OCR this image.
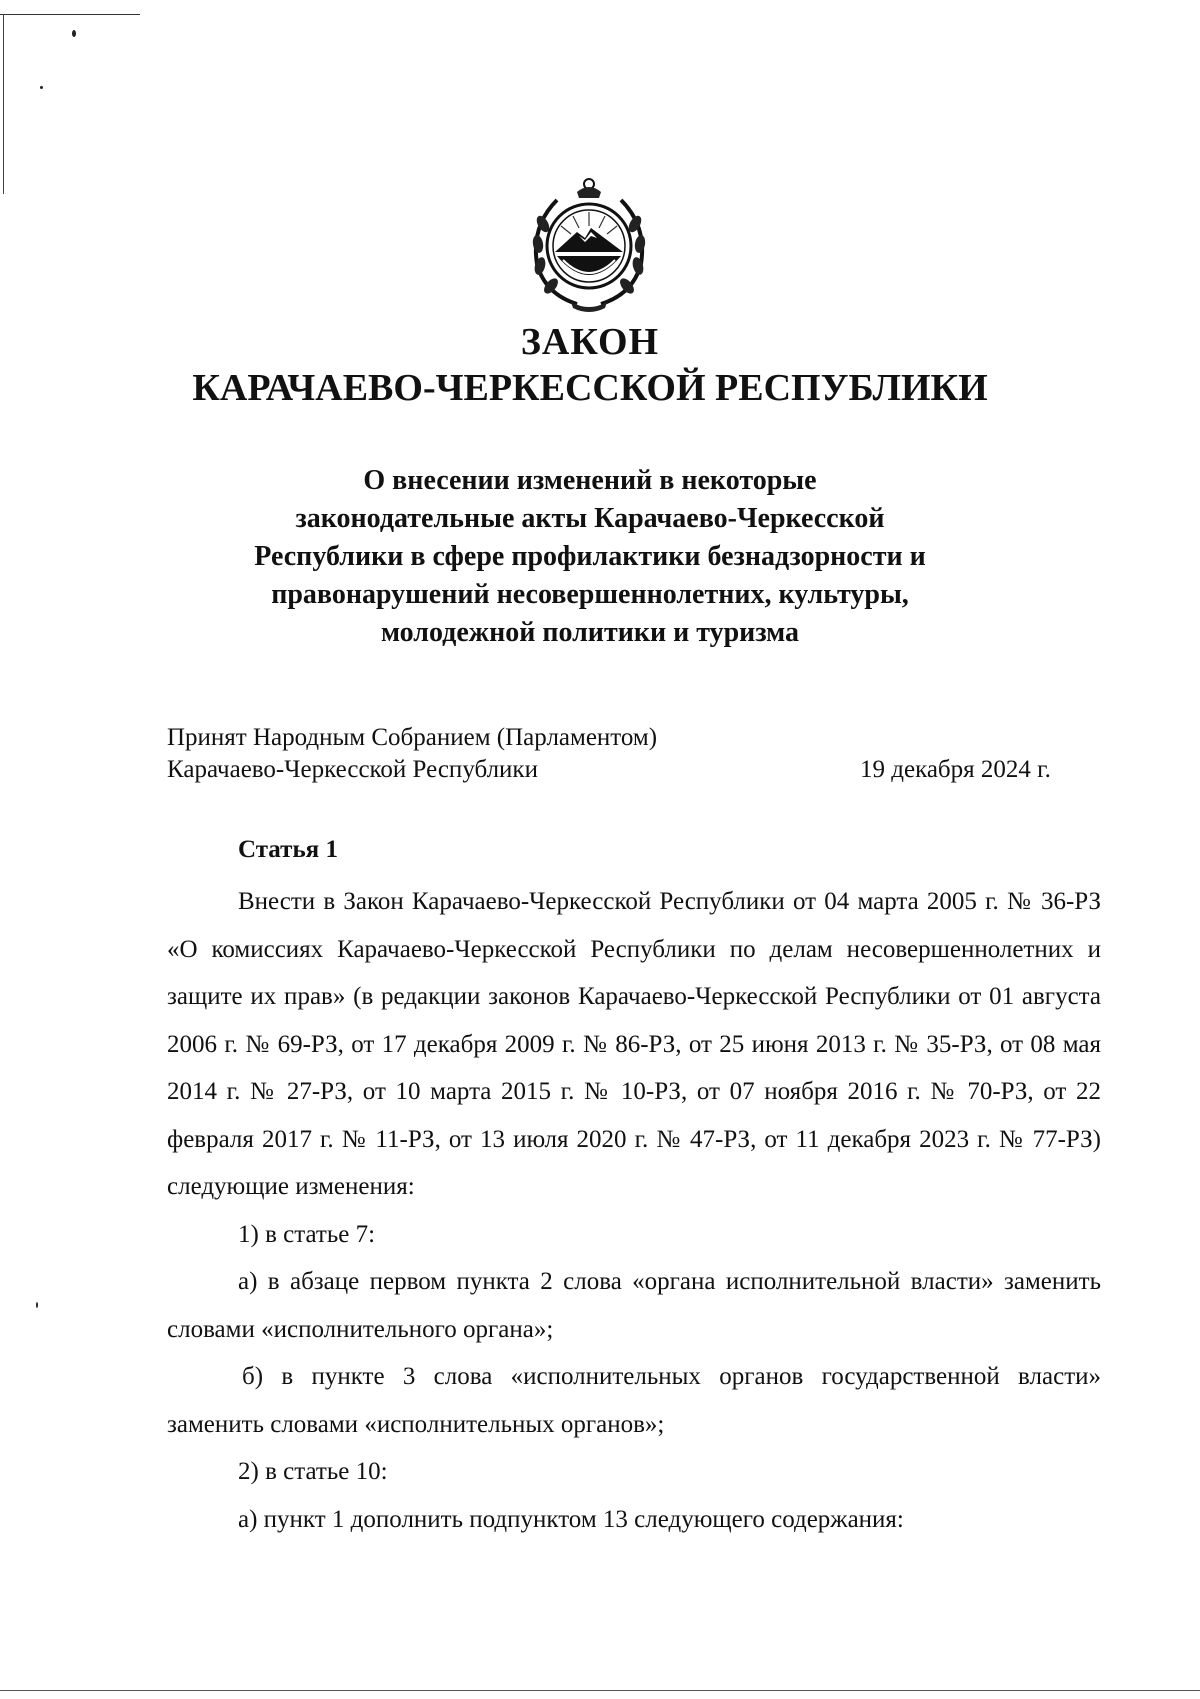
ЗАКОН
КАРАЧАЕВО-ЧЕРКЕССКОЙ РЕСПУБЛИКИ
О внесении изменений в некоторые
законодательные акты Карачаево-Черкесской
Республики в сфере профилактики безнадзорности и
правонарушений несовершеннолетних, культуры,
молодежной политики и туризма
Принят Народным Собранием (Парламентом)
Карачаево-Черкесской Республики	19 декабря 2024 г.
Статья 1
Внести в Закон Карачаево-Черкесской Республики от 04 марта 2005 г. № 36-РЗ «О комиссиях Карачаево-Черкесской Республики по делам несовершеннолетних и защите их прав» (в редакции законов Карачаево-Черкесской Республики от 01 августа 2006 г. № 69-РЗ, от 17 декабря 2009 г. № 86-РЗ, от 25 июня 2013 г. № 35-РЗ, от 08 мая 2014 г. № 27-РЗ, от 10 марта 2015 г. № 10-РЗ, от 07 ноября 2016 г. № 70-РЗ, от 22 февраля 2017 г. № 11-РЗ, от 13 июля 2020 г. № 47-РЗ, от 11 декабря 2023 г. № 77-РЗ) следующие изменения:
1) в статье 7:
а) в абзаце первом пункта 2 слова «органа исполнительной власти» заменить словами «исполнительного органа»;
б) в пункте 3 слова «исполнительных органов государственной власти» заменить словами «исполнительных органов»;
2) в статье 10:
а) пункт 1 дополнить подпунктом 13 следующего содержания:
